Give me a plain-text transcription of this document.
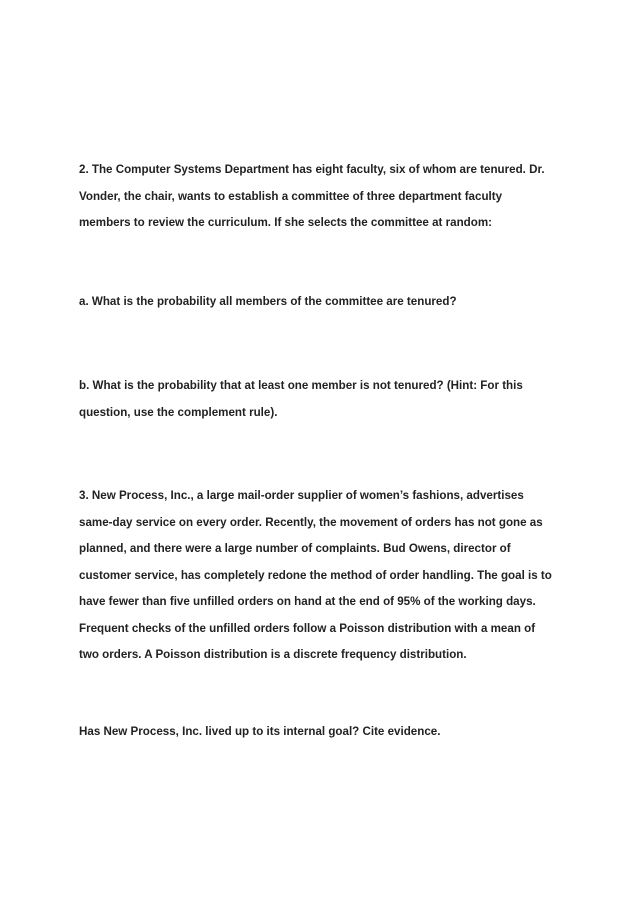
2. The Computer Systems Department has eight faculty, six of whom are tenured. Dr.
Vonder, the chair, wants to establish a committee of three department faculty
members to review the curriculum. If she selects the committee at random:

a. What is the probability all members of the committee are tenured?

b. What is the probability that at least one member is not tenured? (Hint: For this
question, use the complement rule).

3. New Process, Inc., a large mail-order supplier of women’s fashions, advertises
same-day service on every order. Recently, the movement of orders has not gone as
planned, and there were a large number of complaints. Bud Owens, director of
customer service, has completely redone the method of order handling. The goal is to
have fewer than five unfilled orders on hand at the end of 95% of the working days.
Frequent checks of the unfilled orders follow a Poisson distribution with a mean of
two orders. A Poisson distribution is a discrete frequency distribution.

Has New Process, Inc. lived up to its internal goal? Cite evidence.
